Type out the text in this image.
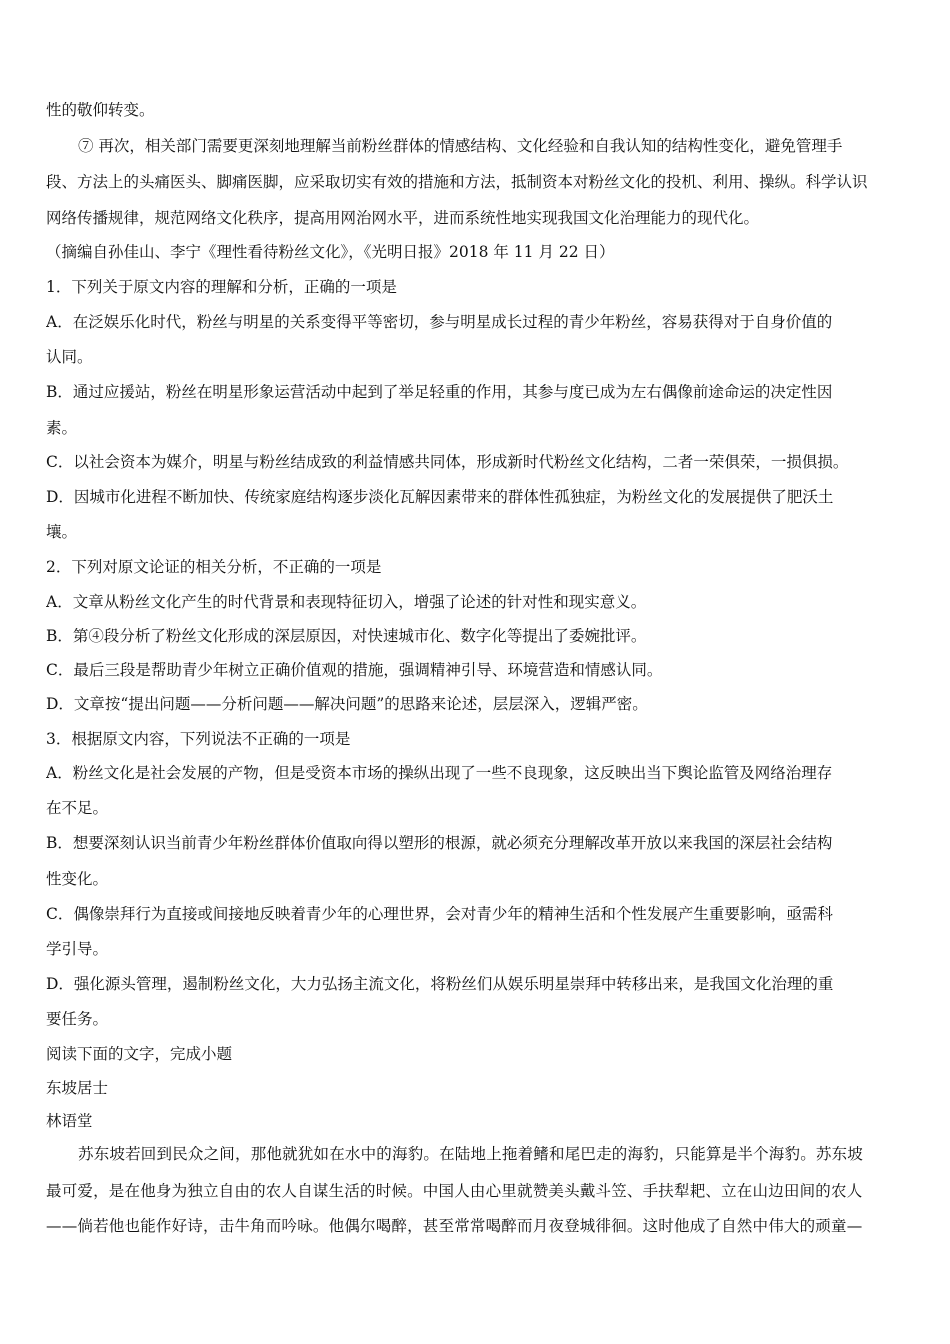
性的敬仰转变。
⑦ 再次，相关部门需要更深刻地理解当前粉丝群体的情感结构、文化经验和自我认知的结构性变化，避免管理手
段、方法上的头痛医头、脚痛医脚，应采取切实有效的措施和方法，抵制资本对粉丝文化的投机、利用、操纵。科学认识
网络传播规律，规范网络文化秩序，提高用网治网水平，进而系统性地实现我国文化治理能力的现代化。
（摘编自孙佳山、李宁《理性看待粉丝文化》，《光明日报》2018 年 11 月 22 日）
1．下列关于原文内容的理解和分析，正确的一项是
A．在泛娱乐化时代，粉丝与明星的关系变得平等密切，参与明星成长过程的青少年粉丝，容易获得对于自身价值的
认同。
B．通过应援站，粉丝在明星形象运营活动中起到了举足轻重的作用，其参与度已成为左右偶像前途命运的决定性因
素。
C．以社会资本为媒介，明星与粉丝结成致的利益情感共同体，形成新时代粉丝文化结构，二者一荣俱荣，一损俱损。
D．因城市化进程不断加快、传统家庭结构逐步淡化瓦解因素带来的群体性孤独症，为粉丝文化的发展提供了肥沃土
壤。
2．下列对原文论证的相关分析，不正确的一项是
A．文章从粉丝文化产生的时代背景和表现特征切入，增强了论述的针对性和现实意义。
B．第④段分析了粉丝文化形成的深层原因，对快速城市化、数字化等提出了委婉批评。
C．最后三段是帮助青少年树立正确价值观的措施，强调精神引导、环境营造和情感认同。
D．文章按“提出问题——分析问题——解决问题”的思路来论述，层层深入，逻辑严密。
3．根据原文内容，下列说法不正确的一项是
A．粉丝文化是社会发展的产物，但是受资本市场的操纵出现了一些不良现象，这反映出当下舆论监管及网络治理存
在不足。
B．想要深刻认识当前青少年粉丝群体价值取向得以塑形的根源，就必须充分理解改革开放以来我国的深层社会结构
性变化。
C．偶像崇拜行为直接或间接地反映着青少年的心理世界，会对青少年的精神生活和个性发展产生重要影响，亟需科
学引导。
D．强化源头管理，遏制粉丝文化，大力弘扬主流文化，将粉丝们从娱乐明星崇拜中转移出来，是我国文化治理的重
要任务。
阅读下面的文字，完成小题
东坡居士
林语堂
苏东坡若回到民众之间，那他就犹如在水中的海豹。在陆地上拖着鳍和尾巴走的海豹，只能算是半个海豹。苏东坡
最可爱，是在他身为独立自由的农人自谋生活的时候。中国人由心里就赞美头戴斗笠、手扶犁耙、立在山边田间的农人
——倘若他也能作好诗，击牛角而吟咏。他偶尔喝醉，甚至常常喝醉而月夜登城徘徊。这时他成了自然中伟大的顽童—
